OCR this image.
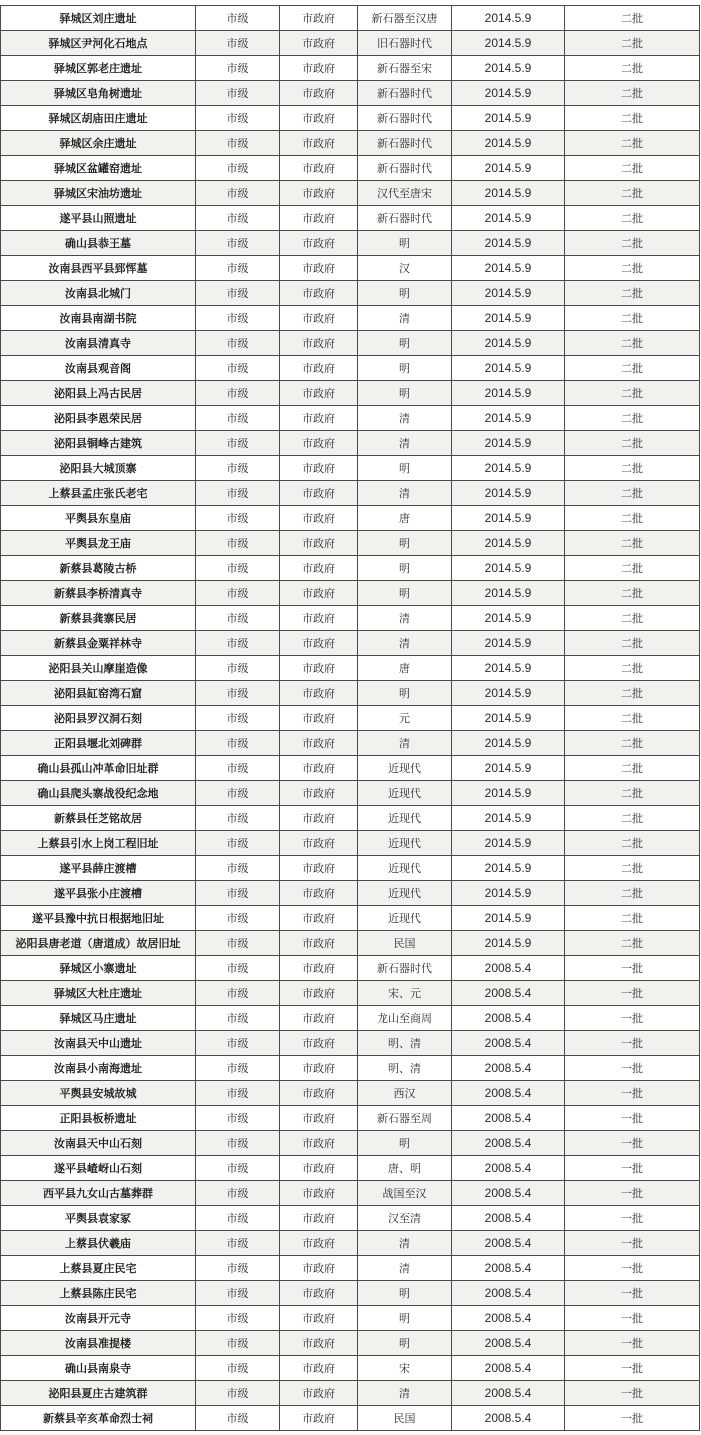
驿城区刘庄遗址	市级	市政府	新石器至汉唐	2014.5.9	二批
驿城区尹河化石地点	市级	市政府	旧石器时代	2014.5.9	二批
驿城区郭老庄遗址	市级	市政府	新石器至宋	2014.5.9	二批
驿城区皂角树遗址	市级	市政府	新石器时代	2014.5.9	二批
驿城区胡庙田庄遗址	市级	市政府	新石器时代	2014.5.9	二批
驿城区余庄遗址	市级	市政府	新石器时代	2014.5.9	二批
驿城区盆罐窑遗址	市级	市政府	新石器时代	2014.5.9	二批
驿城区宋油坊遗址	市级	市政府	汉代至唐宋	2014.5.9	二批
遂平县山照遗址	市级	市政府	新石器时代	2014.5.9	二批
确山县恭王墓	市级	市政府	明	2014.5.9	二批
汝南县西平县郅恽墓	市级	市政府	汉	2014.5.9	二批
汝南县北城门	市级	市政府	明	2014.5.9	二批
汝南县南湖书院	市级	市政府	清	2014.5.9	二批
汝南县清真寺	市级	市政府	明	2014.5.9	二批
汝南县观音阁	市级	市政府	明	2014.5.9	二批
泌阳县上冯古民居	市级	市政府	明	2014.5.9	二批
泌阳县李恩荣民居	市级	市政府	清	2014.5.9	二批
泌阳县铜峰古建筑	市级	市政府	清	2014.5.9	二批
泌阳县大城顶寨	市级	市政府	明	2014.5.9	二批
上蔡县孟庄张氏老宅	市级	市政府	清	2014.5.9	二批
平舆县东皇庙	市级	市政府	唐	2014.5.9	二批
平舆县龙王庙	市级	市政府	明	2014.5.9	二批
新蔡县葛陵古桥	市级	市政府	明	2014.5.9	二批
新蔡县李桥清真寺	市级	市政府	明	2014.5.9	二批
新蔡县龚寨民居	市级	市政府	清	2014.5.9	二批
新蔡县金粟祥林寺	市级	市政府	清	2014.5.9	二批
泌阳县关山摩崖造像	市级	市政府	唐	2014.5.9	二批
泌阳县缸窑湾石窟	市级	市政府	明	2014.5.9	二批
泌阳县罗汉洞石刻	市级	市政府	元	2014.5.9	二批
正阳县堰北刘碑群	市级	市政府	清	2014.5.9	二批
确山县孤山冲革命旧址群	市级	市政府	近现代	2014.5.9	二批
确山县爬头寨战役纪念地	市级	市政府	近现代	2014.5.9	二批
新蔡县任芝铭故居	市级	市政府	近现代	2014.5.9	二批
上蔡县引水上岗工程旧址	市级	市政府	近现代	2014.5.9	二批
遂平县薛庄渡槽	市级	市政府	近现代	2014.5.9	二批
遂平县张小庄渡槽	市级	市政府	近现代	2014.5.9	二批
遂平县豫中抗日根据地旧址	市级	市政府	近现代	2014.5.9	二批
泌阳县唐老道（唐道成）故居旧址	市级	市政府	民国	2014.5.9	二批
驿城区小寨遗址	市级	市政府	新石器时代	2008.5.4	一批
驿城区大杜庄遗址	市级	市政府	宋、元	2008.5.4	一批
驿城区马庄遗址	市级	市政府	龙山至商周	2008.5.4	一批
汝南县天中山遗址	市级	市政府	明、清	2008.5.4	一批
汝南县小南海遗址	市级	市政府	明、清	2008.5.4	一批
平舆县安城故城	市级	市政府	西汉	2008.5.4	一批
正阳县板桥遗址	市级	市政府	新石器至周	2008.5.4	一批
汝南县天中山石刻	市级	市政府	明	2008.5.4	一批
遂平县嵖岈山石刻	市级	市政府	唐、明	2008.5.4	一批
西平县九女山古墓葬群	市级	市政府	战国至汉	2008.5.4	一批
平舆县袁家冢	市级	市政府	汉至清	2008.5.4	一批
上蔡县伏羲庙	市级	市政府	清	2008.5.4	一批
上蔡县夏庄民宅	市级	市政府	清	2008.5.4	一批
上蔡县陈庄民宅	市级	市政府	明	2008.5.4	一批
汝南县开元寺	市级	市政府	明	2008.5.4	一批
汝南县准提楼	市级	市政府	明	2008.5.4	一批
确山县南泉寺	市级	市政府	宋	2008.5.4	一批
泌阳县夏庄古建筑群	市级	市政府	清	2008.5.4	一批
新蔡县辛亥革命烈士祠	市级	市政府	民国	2008.5.4	一批
